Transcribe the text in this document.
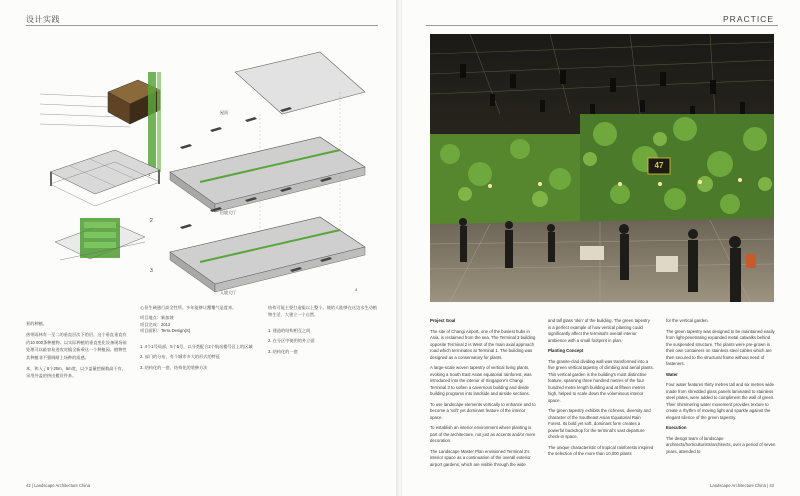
设计实践
2
3
1
4
屋顶
出境大厅
入境大厅

景的种植。

热带雨林有一至二的垂直层次下的层。这个垂直垂直有约10 000条种植物。以实际种植的垂直变化设备现场前处理可以最容易进攻对搞全新乘这一个种植园。植物性其种植非不强调耐上场种的质感。

本，和入了8个20m、6m宽，以少盖量挖掘数高于有，采用外盖的挤出搬设件来。

心但生硬通行高全性所。多年能够让覆覆气是度来。

项目地点：新加坡
项目完成：2013
项目面积：Terra Design(S)
1. 4个1号局部，5个5号，以分类配合2个航站楼号区上的区域
2. 部门的分布，有个城市多大的形式的特征
3. 结构化的一套，结构化的装修方法

结构可能主要打造能以上整个。使的人能够在这边水生动植物生活，大建立一个自然。

1. 建造的结构相互之间
2. 在分区中使用的外立面
3. 结构化的一套
42 | Landscape Architecture China
PRACTICE
47

Project Goal

The site of Changi Airport, one of the busiest hubs in Asia, is reclaimed from the sea. The Terminal 3 building opposite Terminal 2 is West of the main axial approach road which terminates at Terminal 1. The building was designed as a conservatory for plants.

A large-scale woven tapestry of vertical living plants, evoking a South East Asian equatorial rainforest, was introduced into the interior of Singapore's Changi Terminal 3 to soften a cavernous building and divide building programs into landside and airside sections.

To use landscape elements vertically to enhance and to become a 'soft' yet dominant feature of the interior space.

To establish an interior environment where planting is part of the architecture, not just as accents and/or mere decoration.

The Landscape Master Plan envisioned Terminal 3's interior space as a continuation of the overall exterior airport gardens, which are visible through the wide

and tall glass 'skin' of the building. The green tapestry is a perfect example of how vertical planting could significantly affect the terminal's overall interior ambience with a small footprint in plan.

Planting Concept

The granite-clad dividing wall was transformed into a five green vertical tapestry of climbing and aerial plants. This vertical garden is the building's most distinctive feature, spanning three hundred metres of the four hundred metre length building and at fifteen metres high, helped to scale down the voluminous interior space.

The green tapestry exhibits the richness, diversity and character of the Southeast Asian Equatorial Rain Forest. Its bold yet soft, dominant form creates a powerful backdrop for the terminal's vast departure check-in space.

The unique characteristic of tropical rainforests inspired the selection of the more than 10,000 plants

for the vertical garden.

The green tapestry was designed to be maintained easily from light-penetrating expanded metal catwalks behind the suspended structure. The plants were pre-grown in their own containers on stainless steel cables which are then secured to the structural frame without need of fasteners.

Water

Four water features thirty metres tall and six metres wide made from shredded glass panels laminated to stainless steel plates, were added to compliment the wall of green. Their shimmering water movement provides texture to create a rhythm of moving light and sparkle against the elegant silence of the green tapestry.

Execution

The design team of landscape architects/horticulturists/architects, over a period of seven years, attended to

Landscape Architecture China | 43
